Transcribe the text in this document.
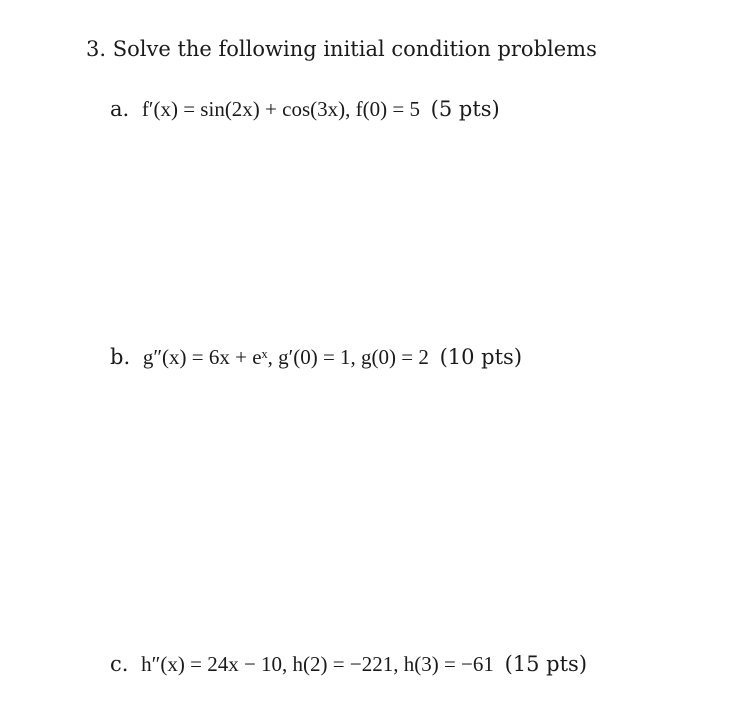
3. Solve the following initial condition problems
a. f′(x) = sin(2x) + cos(3x), f(0) = 5 (5 pts)
b. g″(x) = 6x + eˣ, g′(0) = 1, g(0) = 2 (10 pts)
c. h″(x) = 24x − 10, h(2) = −221, h(3) = −61 (15 pts)
